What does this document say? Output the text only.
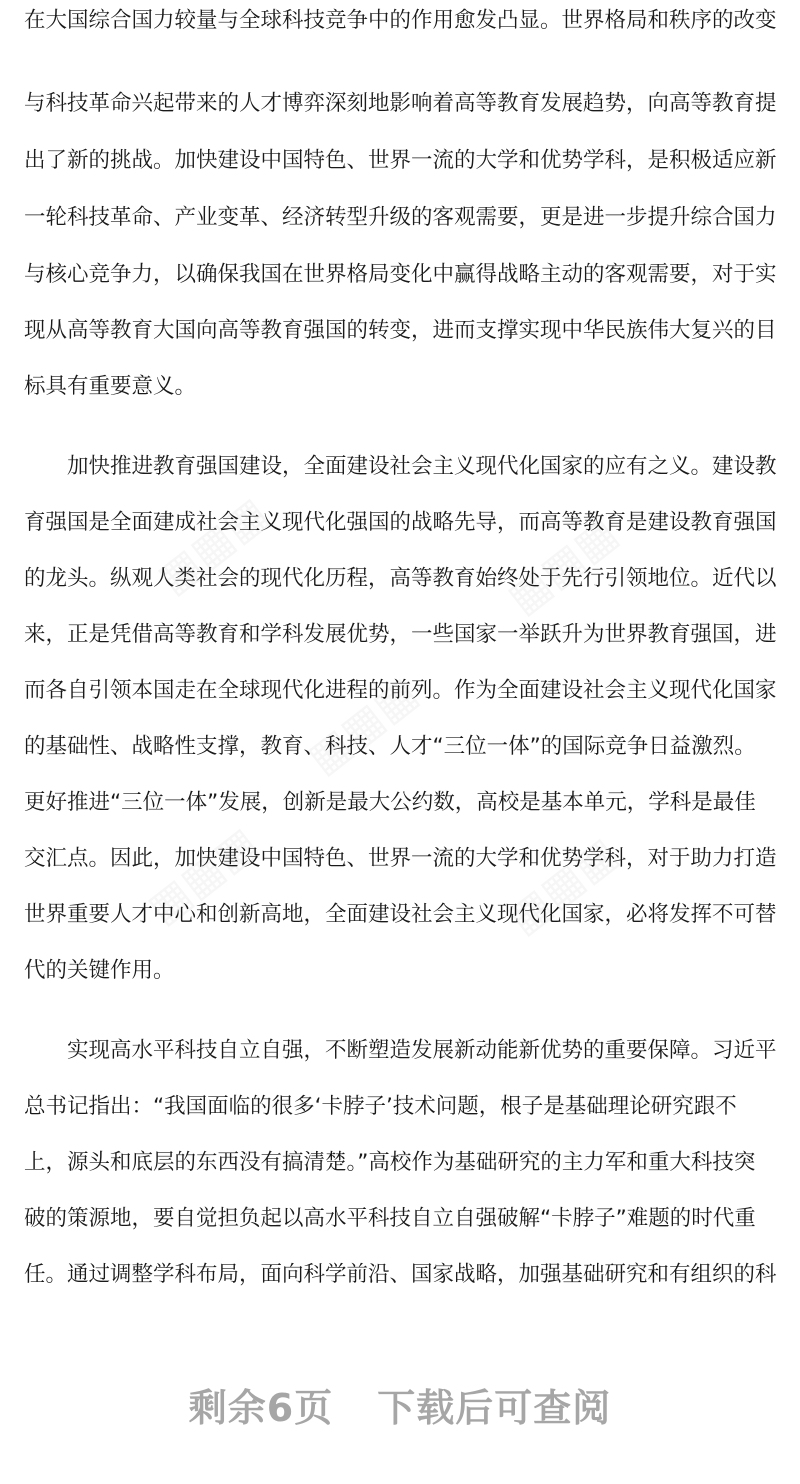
在大国综合国力较量与全球科技竞争中的作用愈发凸显。世界格局和秩序的改变
与科技革命兴起带来的人才博弈深刻地影响着高等教育发展趋势，向高等教育提
出了新的挑战。加快建设中国特色、世界一流的大学和优势学科，是积极适应新
一轮科技革命、产业变革、经济转型升级的客观需要，更是进一步提升综合国力
与核心竞争力，以确保我国在世界格局变化中赢得战略主动的客观需要，对于实
现从高等教育大国向高等教育强国的转变，进而支撑实现中华民族伟大复兴的目
标具有重要意义。
　　加快推进教育强国建设，全面建设社会主义现代化国家的应有之义。建设教
育强国是全面建成社会主义现代化强国的战略先导，而高等教育是建设教育强国
的龙头。纵观人类社会的现代化历程，高等教育始终处于先行引领地位。近代以
来，正是凭借高等教育和学科发展优势，一些国家一举跃升为世界教育强国，进
而各自引领本国走在全球现代化进程的前列。作为全面建设社会主义现代化国家
的基础性、战略性支撑，教育、科技、人才“三位一体”的国际竞争日益激烈。
更好推进“三位一体”发展，创新是最大公约数，高校是基本单元，学科是最佳
交汇点。因此，加快建设中国特色、世界一流的大学和优势学科，对于助力打造
世界重要人才中心和创新高地，全面建设社会主义现代化国家，必将发挥不可替
代的关键作用。
　　实现高水平科技自立自强，不断塑造发展新动能新优势的重要保障。习近平
总书记指出：“我国面临的很多‘卡脖子’技术问题，根子是基础理论研究跟不
上，源头和底层的东西没有搞清楚。”高校作为基础研究的主力军和重大科技突
破的策源地，要自觉担负起以高水平科技自立自强破解“卡脖子”难题的时代重
任。通过调整学科布局，面向科学前沿、国家战略，加强基础研究和有组织的科
剩余6页 下载后可查阅
